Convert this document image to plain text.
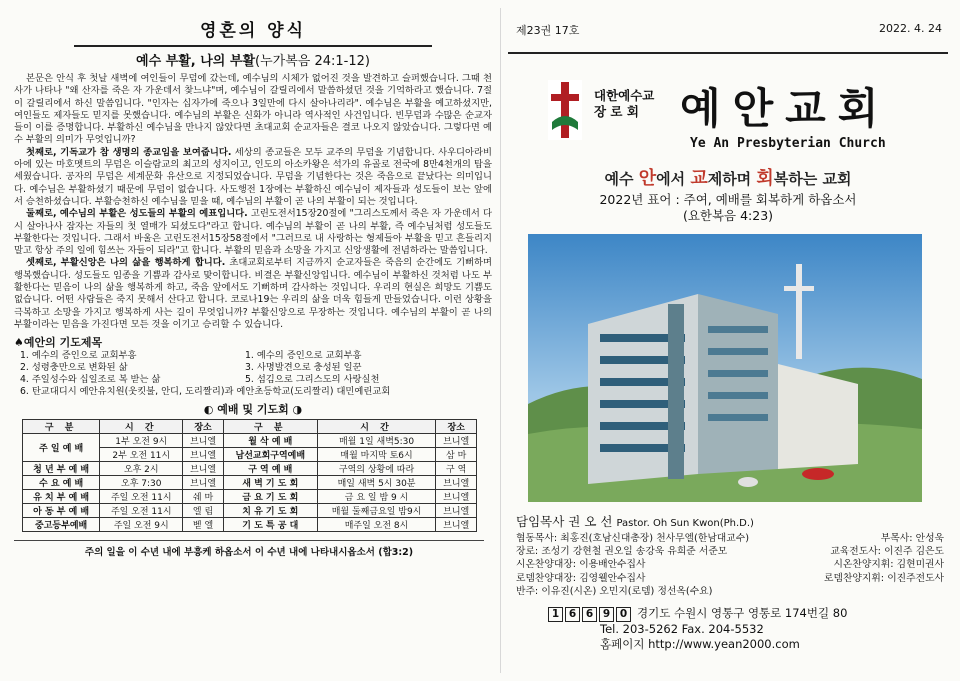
영혼의 양식
예수 부활, 나의 부활(누가복음 24:1-12)

본문은 안식 후 첫날 새벽에 여인들이 무덤에 갔는데, 예수님의 시체가 없어진 것을 발견하고 슬퍼했습니다. 그때 천사가 나타나 "왜 산자를 죽은 자 가운데서 찾느냐"며, 예수님이 갈릴리에서 말씀하셨던 것을 기억하라고 했습니다. 7절이 갈릴리에서 하신 말씀입니다. "인자는 십자가에 죽으나 3일만에 다시 살아나리라". 예수님은 부활을 예고하셨지만, 여인들도 제자들도 믿지를 못했습니다. 예수님의 부활은 신화가 아니라 역사적인 사건입니다. 빈무덤과 수많은 순교자들이 이를 증명합니다. 부활하신 예수님을 만나지 않았다면 초대교회 순교자들은 결코 나오지 않았습니다. 그렇다면 예수 부활의 의미가 무엇입니까?

첫째로, 기독교가 참 생명의 종교임을 보여줍니다. 세상의 종교들은 모두 교주의 무덤을 기념합니다. 사우디아라비아에 있는 마호멧트의 무덤은 이슬람교의 최고의 성지이고, 인도의 아소카왕은 석가의 유골로 전국에 8만4천개의 탑을 세웠습니다. 공자의 무덤은 세계문화 유산으로 지정되었습니다. 무덤을 기념한다는 것은 죽음으로 끝났다는 의미입니다. 예수님은 부활하셨기 때문에 무덤이 없습니다. 사도행전 1장에는 부활하신 예수님이 제자들과 성도들이 보는 앞에서 승천하셨습니다. 부활승천하신 예수님을 믿을 때, 예수님의 부활이 곧 나의 부활이 되는 것입니다.

둘째로, 예수님의 부활은 성도들의 부활의 예표입니다. 고린도전서15장20절에 "그리스도께서 죽은 자 가운데서 다시 살아나사 잠자는 자들의 첫 열매가 되셨도다"라고 합니다. 예수님의 부활이 곧 나의 부활, 즉 예수님처럼 성도들도 부활한다는 것입니다. 그래서 바울은 고린도전서15장58절에서 "그러므로 내 사랑하는 형제들아 부활을 믿고 흔들리지 말고 항상 주의 일에 힘쓰는 자들이 되라"고 합니다. 부활의 믿음과 소망을 가지고 신앙생활에 전념하라는 말씀입니다.

셋째로, 부활신앙은 나의 삶을 행복하게 합니다. 초대교회로부터 지금까지 순교자들은 죽음의 순간에도 기뻐하며 행복했습니다. 성도들도 임종을 기쁨과 감사로 맞이합니다. 비결은 부활신앙입니다. 예수님이 부활하신 것처럼 나도 부활한다는 믿음이 나의 삶을 행복하게 하고, 죽음 앞에서도 기뻐하며 감사하는 것입니다. 우리의 현실은 희망도 기쁨도 없습니다. 어떤 사람들은 죽지 못해서 산다고 합니다. 코로나19는 우리의 삶을 더욱 힘들게 만들었습니다. 이런 상황을 극복하고 소망을 가지고 행복하게 사는 길이 무엇입니까? 부활신앙으로 무장하는 것입니다. 예수님의 부활이 곧 나의 부활이라는 믿음을 가진다면 모든 것을 이기고 승리할 수 있습니다.

♠예안의 기도제목
1. 예수의 증인으로 교회부흥	1. 예수의 증인으로 교회부흥
2. 성령충만으로 변화된 삶	3. 사명발견으로 충성된 일꾼
4. 주일성수와 십일조로 복 받는 삶	5. 섬김으로 그리스도의 사랑실천
6. 탄교대디시 예안유치원(웃킷불, 안디, 도리짤리)과 예안초등학교(도리짤리) 대민예린교회
◐ 예배 및 기도회 ◑
구 분	시 간	장소	구 분	시 간	장소
주 일 예 배	1부 오전 9시	브니엘	월 삭 예 배	매월 1일 새벽5:30	브니엘
	2부 오전 11시	브니엘	남선교회구역예배	매월 마지막 토6시	삼 마
청 년 부 예 배	오후 2시	브니엘	구 역 예 배	구역의 상황에 따라	구 역
수 요 예 배	오후 7:30	브니엘	새 벽 기 도 회	매일 새벽 5시 30분	브니엘
유 치 부 예 배	주일 오전 11시	쉐 마	금 요 기 도 회	금 요 일 밤 9 시	브니엘
아 동 부 예 배	주일 오전 11시	엘 림	치 유 기 도 회	매월 둘째금요일 밤9시	브니엘
중고등부예배	주일 오전 9시	벧 엘	기 도 특 공 대	매주일 오전 8시	브니엘
주의 일을 이 수년 내에 부흥케 하옵소서 이 수년 내에 나타내시옵소서 (합3:2)
제23권 17호	2022. 4. 24
대한예수교
장 로 회 예안교회
Ye An Presbyterian Church
예수 안에서 교제하며 회복하는 교회
2022년 표어 : 주여, 예배를 회복하게 하옵소서
(요한복음 4:23)
담임목사 권 오 선 Pastor. Oh Sun Kwon(Ph.D.)
협동목사: 최홍진(호남신대총장) 천사무엘(한남대교수)	부목사: 안성욱
장로: 조성기 강현철 권오일 송강욱 유희준 서준모	교육전도사: 이진주 김은도
시온찬양대장: 이용배안수집사	시온찬양지휘: 김현미권사
로뎀찬양대장: 김영웰안수집사	로뎀찬양지휘: 이진주전도사
반주: 이유진(시온) 오민지(로뎀) 정선옥(수요)
1 6 6 9 0 경기도 수원시 영통구 영통로 174번길 80
Tel. 203-5262 Fax. 204-5532
홈페이지 http://www.yean2000.com
